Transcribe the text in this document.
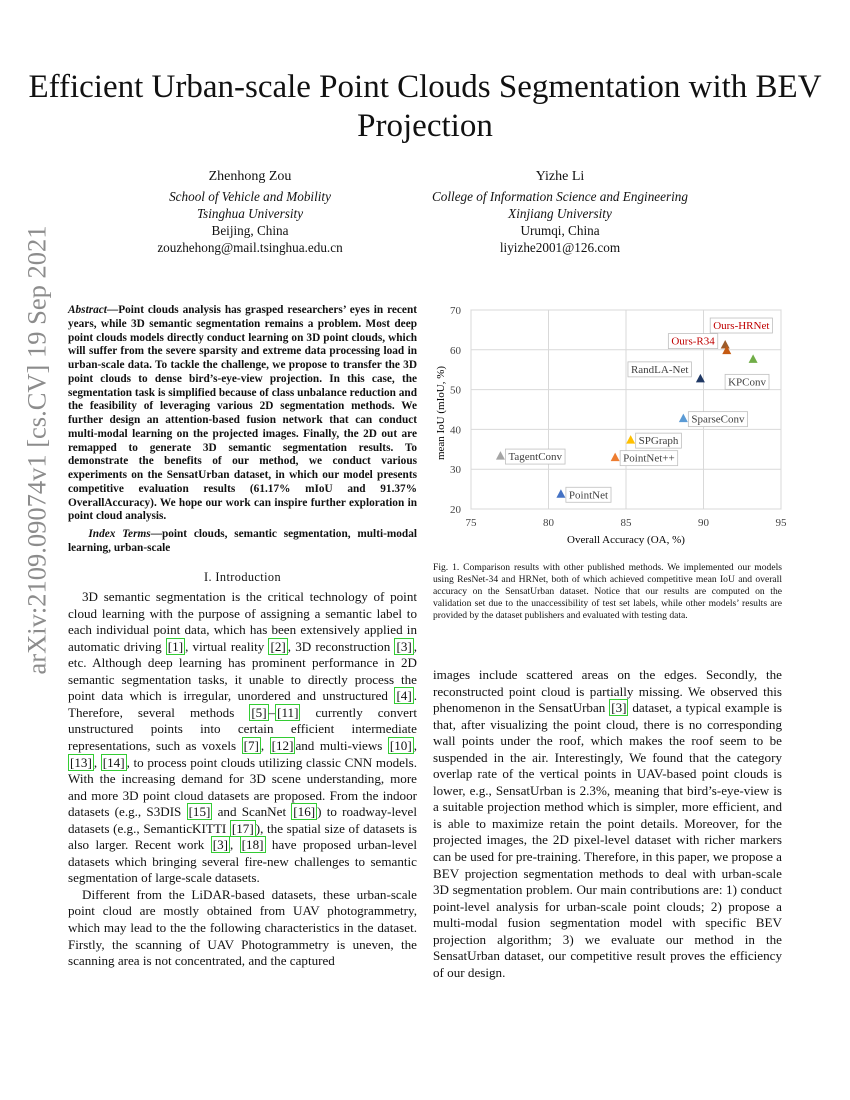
arXiv:2109.09074v1 [cs.CV] 19 Sep 2021
Efficient Urban-scale Point Clouds Segmentation with BEV Projection
Zhenhong Zou
School of Vehicle and Mobility
Tsinghua University
Beijing, China
zouzhehong@mail.tsinghua.edu.cn
Yizhe Li
College of Information Science and Engineering
Xinjiang University
Urumqi, China
liyizhe2001@126.com

Abstract—Point clouds analysis has grasped researchers’ eyes in recent years, while 3D semantic segmentation remains a problem. Most deep point clouds models directly conduct learning on 3D point clouds, which will suffer from the severe sparsity and extreme data processing load in urban-scale data. To tackle the challenge, we propose to transfer the 3D point clouds to dense bird’s-eye-view projection. In this case, the segmentation task is simplified because of class unbalance reduction and the feasibility of leveraging various 2D segmentation methods. We further design an attention-based fusion network that can conduct multi-modal learning on the projected images. Finally, the 2D out are remapped to generate 3D semantic segmentation results. To demonstrate the benefits of our method, we conduct various experiments on the SensatUrban dataset, in which our model presents competitive evaluation results (61.17% mIoU and 91.37% OverallAccuracy). We hope our work can inspire further exploration in point cloud analysis.

Index Terms—point clouds, semantic segmentation, multi-modal learning, urban-scale

I. Introduction

3D semantic segmentation is the critical technology of point cloud learning with the purpose of assigning a semantic label to each individual point data, which has been extensively applied in automatic driving [1] , virtual reality [2] , 3D reconstruction [3] , etc. Although deep learning has prominent performance in 2D semantic segmentation tasks, it unable to directly process the point data which is irregular, unordered and unstructured [4] . Therefore, several methods [5] – [11] currently convert unstructured points into certain efficient intermediate representations, such as voxels [7] , [12] and multi-views [10] , [13] , [14] , to process point clouds utilizing classic CNN models. With the increasing demand for 3D scene understanding, more and more 3D point cloud datasets are proposed. From the indoor datasets (e.g., S3DIS [15] and ScanNet [16] ) to roadway-level datasets (e.g., SemanticKITTI [17] ), the spatial size of datasets is also larger. Recent work [3] , [18] have proposed urban-level datasets which bringing several fire-new challenges to semantic segmentation of large-scale datasets.

Different from the LiDAR-based datasets, these urban-scale point cloud are mostly obtained from UAV photogrammetry, which may lead to the the following characteristics in the dataset. Firstly, the scanning of UAV Photogrammetry is uneven, the scanning area is not concentrated, and the captured

75	80	85	90	95
20
30
40
50
60
70
Overall Accuracy (OA, %)
mean IoU (mIoU, %)
Ours-HRNet
Ours-R34
RandLA-Net
KPConv
SparseConv
SPGraph
PointNet++
TagentConv
PointNet
Fig. 1. Comparison results with other published methods. We implemented our models using ResNet-34 and HRNet, both of which achieved competitive mean IoU and overall accuracy on the SensatUrban dataset. Notice that our results are computed on the validation set due to the unaccessibility of test set labels, while other models’ results are provided by the dataset publishers and evaluated with testing data.

images include scattered areas on the edges. Secondly, the reconstructed point cloud is partially missing. We observed this phenomenon in the SensatUrban [3] dataset, a typical example is that, after visualizing the point cloud, there is no corresponding wall points under the roof, which makes the roof seem to be suspended in the air. Interestingly, We found that the category overlap rate of the vertical points in UAV-based point clouds is lower, e.g., SensatUrban is 2.3%, meaning that bird’s-eye-view is a suitable projection method which is simpler, more efficient, and is able to maximize retain the point details. Moreover, for the projected images, the 2D pixel-level dataset with richer markers can be used for pre-training. Therefore, in this paper, we propose a BEV projection segmentation methods to deal with urban-scale 3D segmentation problem. Our main contributions are: 1) conduct point-level analysis for urban-scale point clouds; 2) propose a multi-modal fusion segmentation model with specific BEV projection algorithm; 3) we evaluate our method in the SensatUrban dataset, our competitive result proves the efficiency of our design.
